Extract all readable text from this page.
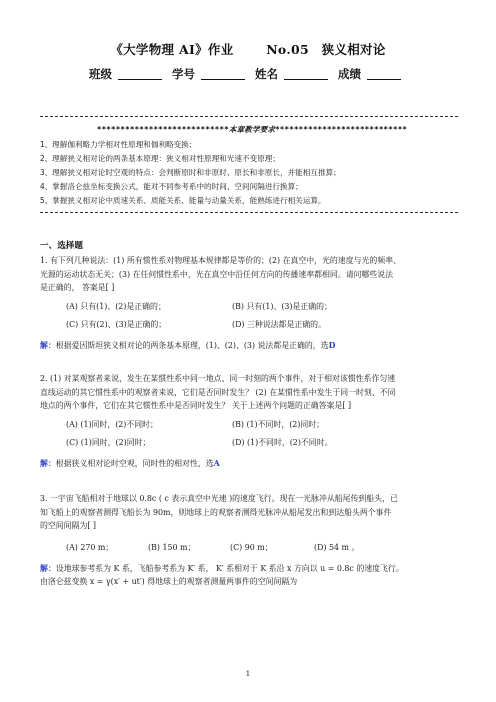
《大学物理 AI》作业	No.05 狭义相对论
班级	学号	姓名	成绩
****************************本章教学要求****************************
1、理解伽利略力学相对性原理和伽利略变换；
2、理解狭义相对论的两条基本原理：狭义相对性原理和光速不变原理；
3、理解狭义相对论时空观的特点：会判断原时和非原时、原长和非原长，并能相互推算；
4、掌握洛仑兹坐标变换公式，能对不同参考系中的时间、空间间隔进行换算；
5、掌握狭义相对论中质速关系、质能关系、能量与动量关系，能熟练进行相关运算。
一、选择题
1. 有下列几种说法：(1) 所有惯性系对物理基本规律都是等价的；(2) 在真空中，光的速度与光的频率、
光源的运动状态无关；(3) 在任何惯性系中，光在真空中沿任何方向的传播速率都相同。请问哪些说法
是正确的， 答案是[ ]
(A) 只有(1)、(2)是正确的；	(B) 只有(1)、(3)是正确的；
(C) 只有(2)、(3)是正确的；	(D) 三种说法都是正确的。
解：根据爱因斯坦狭义相对论的两条基本原理，(1)、(2)、(3) 说法都是正确的，选D
2. (1) 对某观察者来说，发生在某惯性系中同一地点、同一时刻的两个事件，对于相对该惯性系作匀速
直线运动的其它惯性系中的观察者来说，它们是否同时发生？ (2) 在某惯性系中发生于同一时刻、不同
地点的两个事件，它们在其它惯性系中是否同时发生？ 关于上述两个问题的正确答案是[ ]
(A) (1)同时，(2)不同时；	(B) (1)不同时，(2)同时；
(C) (1)同时，(2)同时；	(D) (1)不同时，(2)不同时。
解：根据狭义相对论时空观，同时性的相对性，选A
3. 一宇宙飞船相对于地球以 0.8c ( c 表示真空中光速 )的速度飞行。现在一光脉冲从船尾传到船头，已
知飞船上的观察者测得飞船长为 90m，则地球上的观察者测得光脉冲从船尾发出和到达船头两个事件
的空间间隔为[ ]
(A) 270 m；	(B) 150 m；	(C) 90 m；	(D) 54 m 。
解：设地球参考系为 K 系，飞船参考系为 K′ 系， K′ 系相对于 K 系沿 x 方向以 u = 0.8c 的速度飞行。
由洛仑兹变换 x = γ(x′ + ut′) 得地球上的观察者测量两事件的空间间隔为
1
